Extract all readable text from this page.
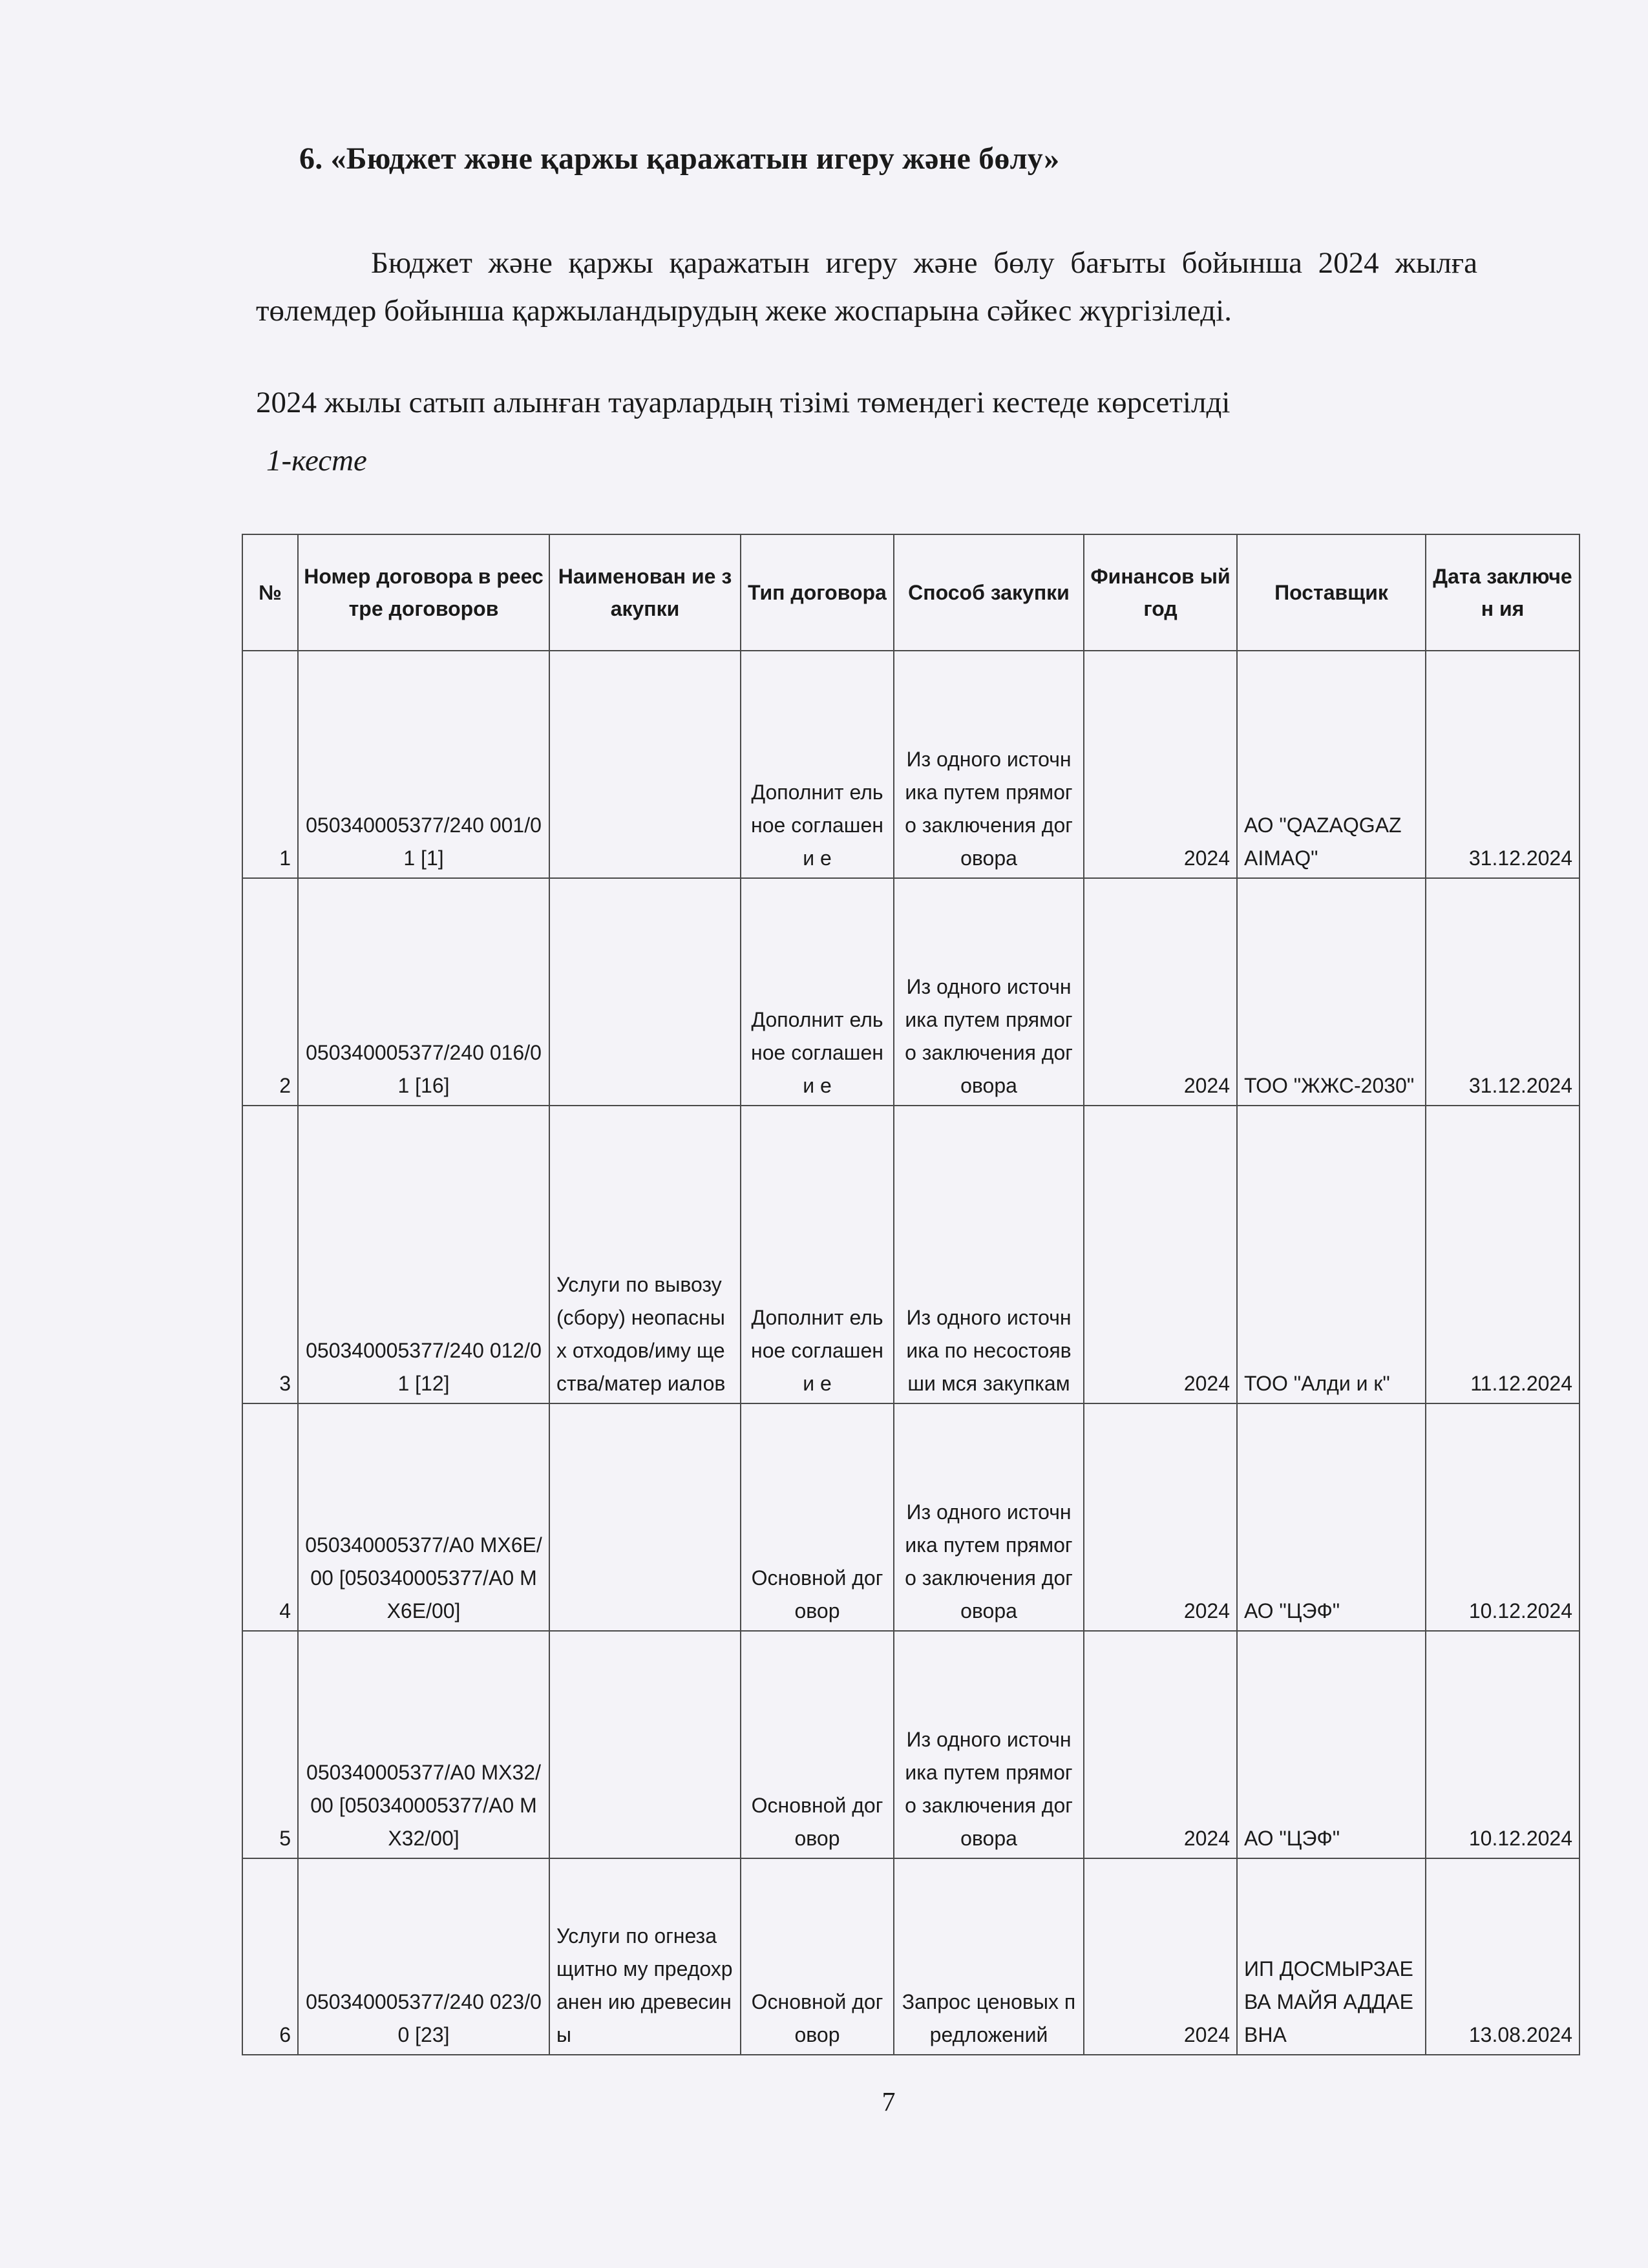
6. «Бюджет және қаржы қаражатын игеру және бөлу»
Бюджет және қаржы қаражатын игеру және бөлу бағыты бойынша 2024 жылға төлемдер бойынша қаржыландырудың жеке жоспарына сәйкес жүргізіледі.
2024 жылы сатып алынған тауарлардың тізімі төмендегі кестеде көрсетілді
1-кесте
№	Номер договора в реестре договоров	Наименован ие закупки	Тип договора	Способ закупки	Финансов ый год	Поставщик	Дата заключен ия
1	050340005377/240 001/01 [1]		Дополнит ельное соглашени е	Из одного источника путем прямого заключения договора	2024	АО "QAZAQGAZ AIMAQ"	31.12.2024
2	050340005377/240 016/01 [16]		Дополнит ельное соглашени е	Из одного источника путем прямого заключения договора	2024	ТОО "ЖЖС-2030"	31.12.2024
3	050340005377/240 012/01 [12]	Услуги по вывозу (сбору) неопасных отходов/иму щества/матер иалов	Дополнит ельное соглашени е	Из одного источника по несостоявши мся закупкам	2024	ТОО "Алди и к"	11.12.2024
4	050340005377/А0 МХ6Е/00 [050340005377/А0 МХ6Е/00]		Основной договор	Из одного источника путем прямого заключения договора	2024	АО "ЦЭФ"	10.12.2024
5	050340005377/А0 МХ32/00 [050340005377/А0 МХ32/00]		Основной договор	Из одного источника путем прямого заключения договора	2024	АО "ЦЭФ"	10.12.2024
6	050340005377/240 023/00 [23]	Услуги по огнезащитно му предохранен ию древесины	Основной договор	Запрос ценовых предложений	2024	ИП ДОСМЫРЗАЕ ВА МАЙЯ АДДАЕВНА	13.08.2024
7
